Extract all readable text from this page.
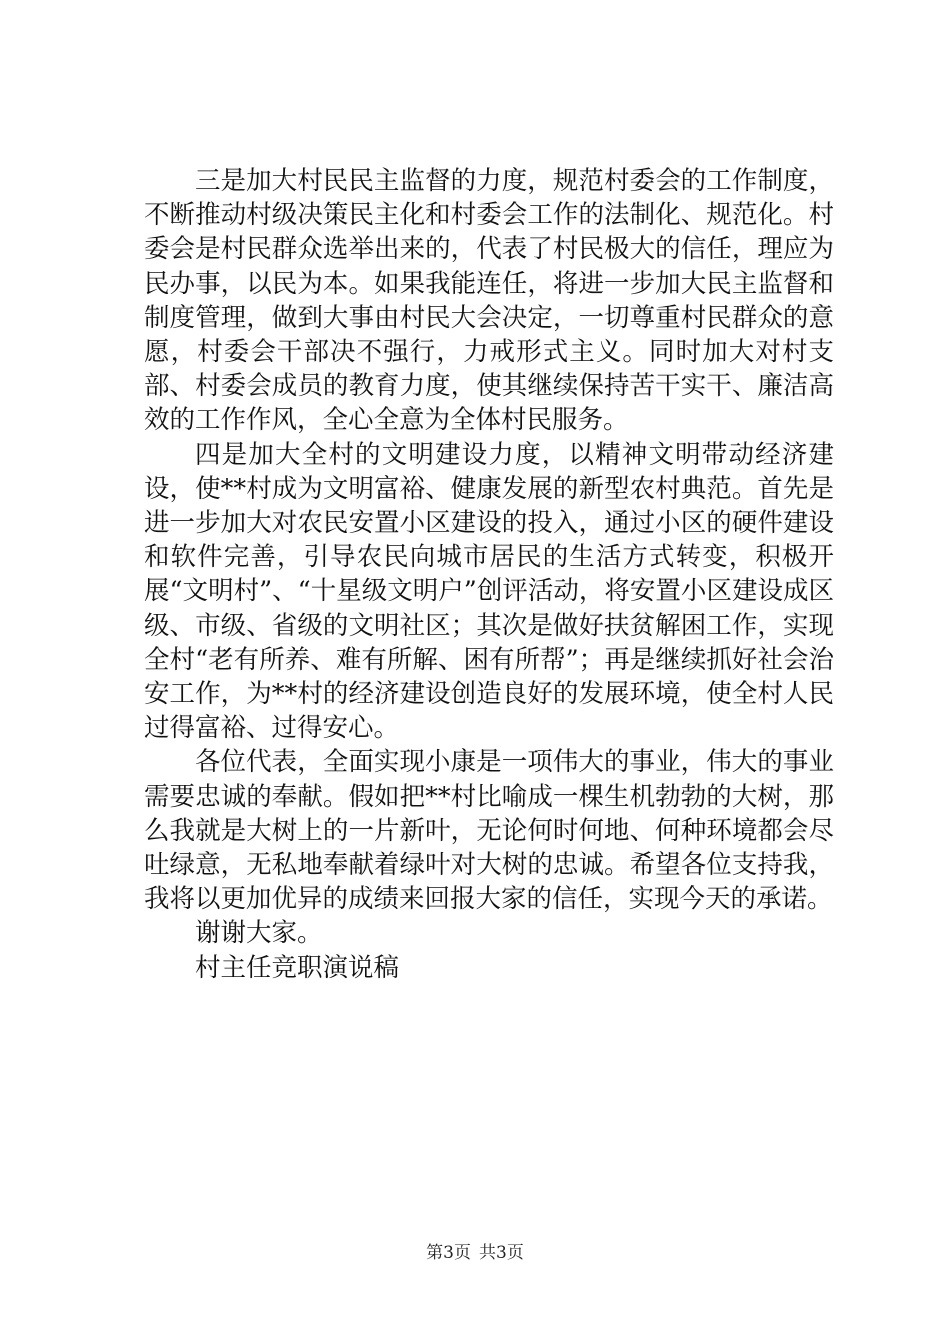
三是加大村民民主监督的力度，规范村委会的工作制度，不断推动村级决策民主化和村委会工作的法制化、规范化。村委会是村民群众选举出来的，代表了村民极大的信任，理应为民办事，以民为本。如果我能连任，将进一步加大民主监督和制度管理，做到大事由村民大会决定，一切尊重村民群众的意愿，村委会干部决不强行，力戒形式主义。同时加大对村支部、村委会成员的教育力度，使其继续保持苦干实干、廉洁高效的工作作风，全心全意为全体村民服务。

四是加大全村的文明建设力度，以精神文明带动经济建设，使**村成为文明富裕、健康发展的新型农村典范。首先是进一步加大对农民安置小区建设的投入，通过小区的硬件建设和软件完善，引导农民向城市居民的生活方式转变，积极开展“文明村”、“十星级文明户”创评活动，将安置小区建设成区级、市级、省级的文明社区；其次是做好扶贫解困工作，实现全村“老有所养、难有所解、困有所帮”；再是继续抓好社会治安工作，为**村的经济建设创造良好的发展环境，使全村人民过得富裕、过得安心。

各位代表，全面实现小康是一项伟大的事业，伟大的事业需要忠诚的奉献。假如把**村比喻成一棵生机勃勃的大树，那么我就是大树上的一片新叶，无论何时何地、何种环境都会尽吐绿意，无私地奉献着绿叶对大树的忠诚。希望各位支持我，我将以更加优异的成绩来回报大家的信任，实现今天的承诺。

谢谢大家。

村主任竞职演说稿

第3页 共3页
